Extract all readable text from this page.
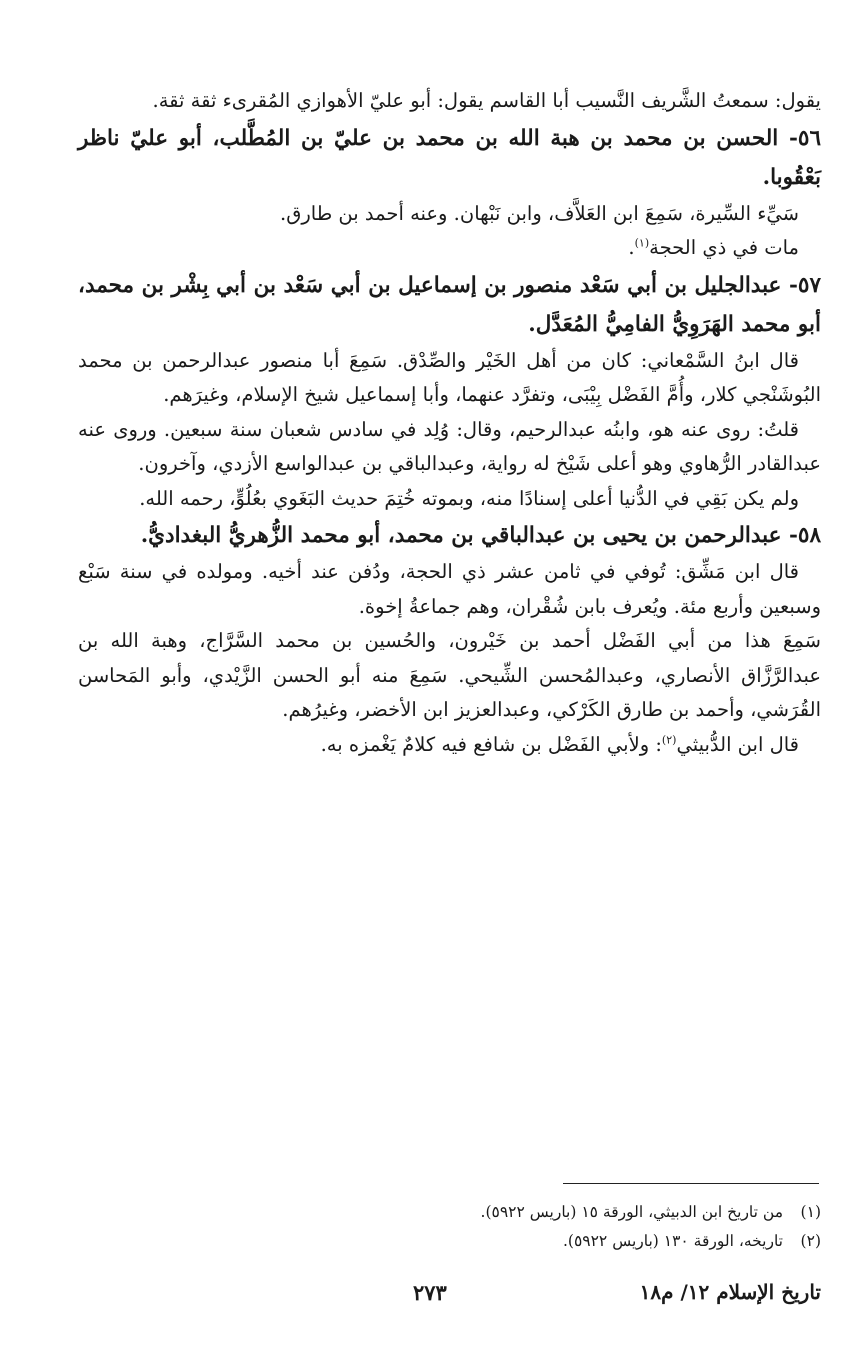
يقول: سمعتُ الشَّريف النَّسيب أبا القاسم يقول: أبو عليّ الأهوازي المُقرىء ثقة ثقة.

٥٦- الحسن بن محمد بن هبة الله بن محمد بن عليّ بن المُطَّلب، أبو عليّ ناظر بَعْقُوبا.

سَيِّء السِّيرة، سَمِعَ ابن العَلاَّف، وابن نَبْهان. وعنه أحمد بن طارق.

مات في ذي الحجة$^{(١)}$.

٥٧- عبدالجليل بن أبي سَعْد منصور بن إسماعيل بن أبي سَعْد بن أبي بِشْر بن محمد، أبو محمد الهَرَوِيُّ الفامِيُّ المُعَدَّل.

قال ابنُ السَّمْعاني: كان من أهل الخَيْر والصِّدْق. سَمِعَ أبا منصور عبدالرحمن بن محمد البُوشَنْجي كلار، وأُمَّ الفَضْل بِيْبَى، وتفرَّد عنهما، وأبا إسماعيل شيخ الإسلام، وغيرَهم.

قلتُ: روى عنه هو، وابنُه عبدالرحيم، وقال: وُلِد في سادس شعبان سنة سبعين. وروى عنه عبدالقادر الرُّهاوي وهو أعلى شَيْخ له رواية، وعبدالباقي بن عبدالواسع الأزدي، وآخرون.

ولم يكن بَقِي في الدُّنيا أعلى إسنادًا منه، وبموته خُتِمَ حديث البَغَوي بعُلُوٍّ، رحمه الله.

٥٨- عبدالرحمن بن يحيى بن عبدالباقي بن محمد، أبو محمد الزُّهريُّ البغداديُّ.

قال ابن مَشِّق: تُوفي في ثامن عشر ذي الحجة، ودُفن عند أخيه. ومولده في سنة سَبْع وسبعين وأربع مئة. ويُعرف بابن شُقْران، وهم جماعةُ إخوة.

سَمِعَ هذا من أبي الفَضْل أحمد بن خَيْرون، والحُسين بن محمد السَّرَّاج، وهبة الله بن عبدالرَّزَّاق الأنصاري، وعبدالمُحسن الشِّيحي. سَمِعَ منه أبو الحسن الزَّيْدي، وأبو المَحاسن القُرَشي، وأحمد بن طارق الكَرْكي، وعبدالعزيز ابن الأخضر، وغيرُهم.

قال ابن الدُّبيثي$^{(٢)}$: ولأبي الفَضْل بن شافع فيه كلامٌ يَغْمزه به.

(١)من تاريخ ابن الدبيثي، الورقة ١٥ (باريس ٥٩٢٢).

(٢)تاريخه، الورقة ١٣٠ (باريس ٥٩٢٢).

تاريخ الإسلام ١٢/ م١٨
٢٧٣
